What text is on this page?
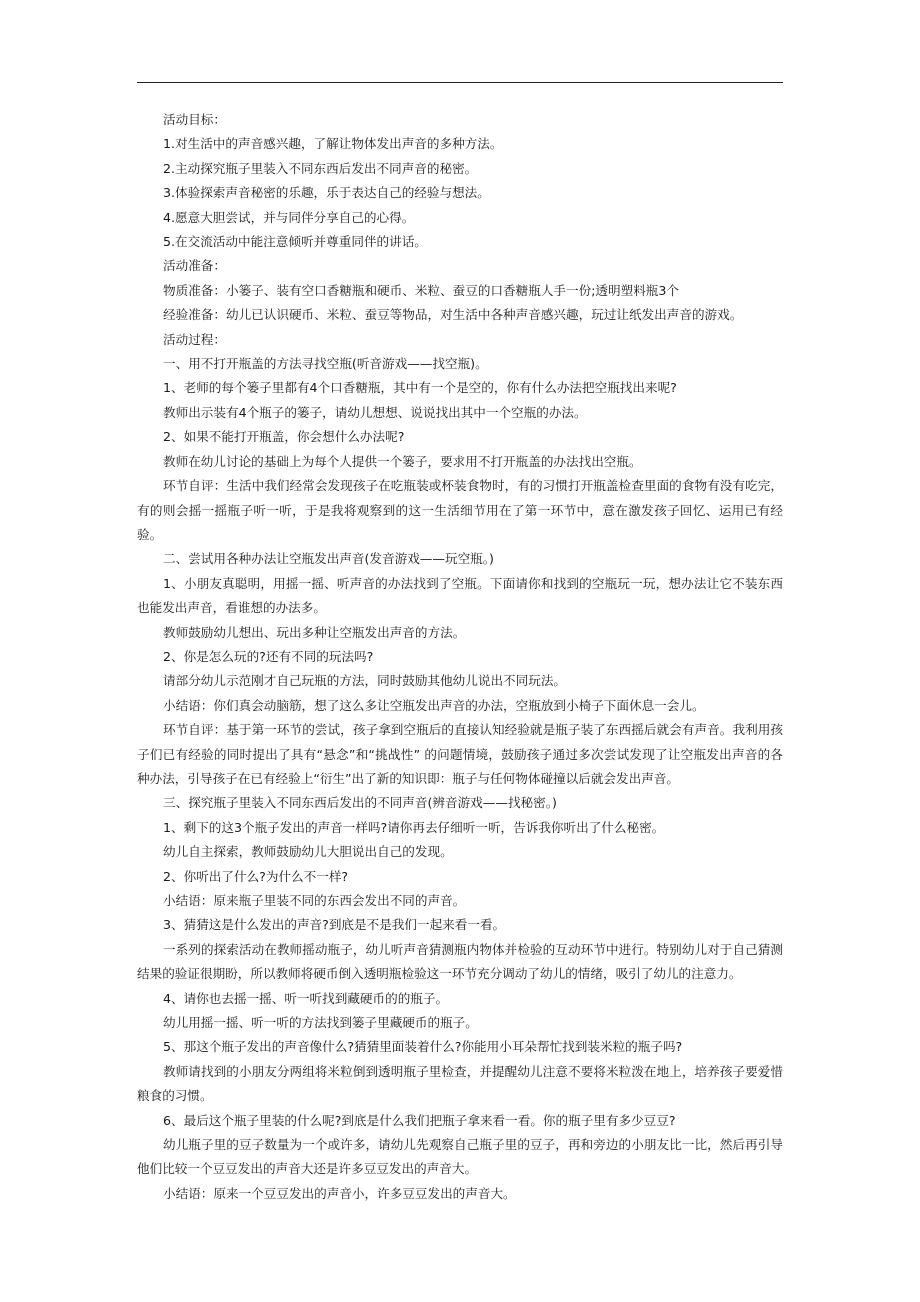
活动目标：

1.对生活中的声音感兴趣，了解让物体发出声音的多种方法。

2.主动探究瓶子里装入不同东西后发出不同声音的秘密。

3.体验探索声音秘密的乐趣，乐于表达自己的经验与想法。

4.愿意大胆尝试，并与同伴分享自己的心得。

5.在交流活动中能注意倾听并尊重同伴的讲话。

活动准备：

物质准备：小篓子、装有空口香糖瓶和硬币、米粒、蚕豆的口香糖瓶人手一份;透明塑料瓶3个

经验准备：幼儿已认识硬币、米粒、蚕豆等物品，对生活中各种声音感兴趣，玩过让纸发出声音的游戏。

活动过程：

一、用不打开瓶盖的方法寻找空瓶(听音游戏——找空瓶)。

1、老师的每个篓子里都有4个口香糖瓶，其中有一个是空的，你有什么办法把空瓶找出来呢?

教师出示装有4个瓶子的篓子，请幼儿想想、说说找出其中一个空瓶的办法。

2、如果不能打开瓶盖，你会想什么办法呢?

教师在幼儿讨论的基础上为每个人提供一个篓子，要求用不打开瓶盖的办法找出空瓶。

环节自评：生活中我们经常会发现孩子在吃瓶装或杯装食物时，有的习惯打开瓶盖检查里面的食物有没有吃完，有的则会摇一摇瓶子听一听，于是我将观察到的这一生活细节用在了第一环节中，意在激发孩子回忆、运用已有经验。

二、尝试用各种办法让空瓶发出声音(发音游戏——玩空瓶。)

1、小朋友真聪明，用摇一摇、听声音的办法找到了空瓶。下面请你和找到的空瓶玩一玩，想办法让它不装东西也能发出声音，看谁想的办法多。

教师鼓励幼儿想出、玩出多种让空瓶发出声音的方法。

2、你是怎么玩的?还有不同的玩法吗?

请部分幼儿示范刚才自己玩瓶的方法，同时鼓励其他幼儿说出不同玩法。

小结语：你们真会动脑筋，想了这么多让空瓶发出声音的办法，空瓶放到小椅子下面休息一会儿。

环节自评：基于第一环节的尝试，孩子拿到空瓶后的直接认知经验就是瓶子装了东西摇后就会有声音。我利用孩子们已有经验的同时提出了具有“悬念”和“挑战性” 的问题情境，鼓励孩子通过多次尝试发现了让空瓶发出声音的各种办法，引导孩子在已有经验上“衍生”出了新的知识即：瓶子与任何物体碰撞以后就会发出声音。

三、探究瓶子里装入不同东西后发出的不同声音(辨音游戏——找秘密。)

1、剩下的这3个瓶子发出的声音一样吗?请你再去仔细听一听，告诉我你听出了什么秘密。

幼儿自主探索，教师鼓励幼儿大胆说出自己的发现。

2、你听出了什么?为什么不一样?

小结语：原来瓶子里装不同的东西会发出不同的声音。

3、猜猜这是什么发出的声音?到底是不是我们一起来看一看。

一系列的探索活动在教师摇动瓶子，幼儿听声音猜测瓶内物体并检验的互动环节中进行。特别幼儿对于自己猜测结果的验证很期盼，所以教师将硬币倒入透明瓶检验这一环节充分调动了幼儿的情绪，吸引了幼儿的注意力。

4、请你也去摇一摇、听一听找到藏硬币的的瓶子。

幼儿用摇一摇、听一听的方法找到篓子里藏硬币的瓶子。

5、那这个瓶子发出的声音像什么?猜猜里面装着什么?你能用小耳朵帮忙找到装米粒的瓶子吗?

教师请找到的小朋友分两组将米粒倒到透明瓶子里检查，并提醒幼儿注意不要将米粒泼在地上，培养孩子要爱惜粮食的习惯。

6、最后这个瓶子里装的什么呢?到底是什么我们把瓶子拿来看一看。你的瓶子里有多少豆豆?

幼儿瓶子里的豆子数量为一个或许多，请幼儿先观察自己瓶子里的豆子，再和旁边的小朋友比一比，然后再引导他们比较一个豆豆发出的声音大还是许多豆豆发出的声音大。

小结语：原来一个豆豆发出的声音小，许多豆豆发出的声音大。
